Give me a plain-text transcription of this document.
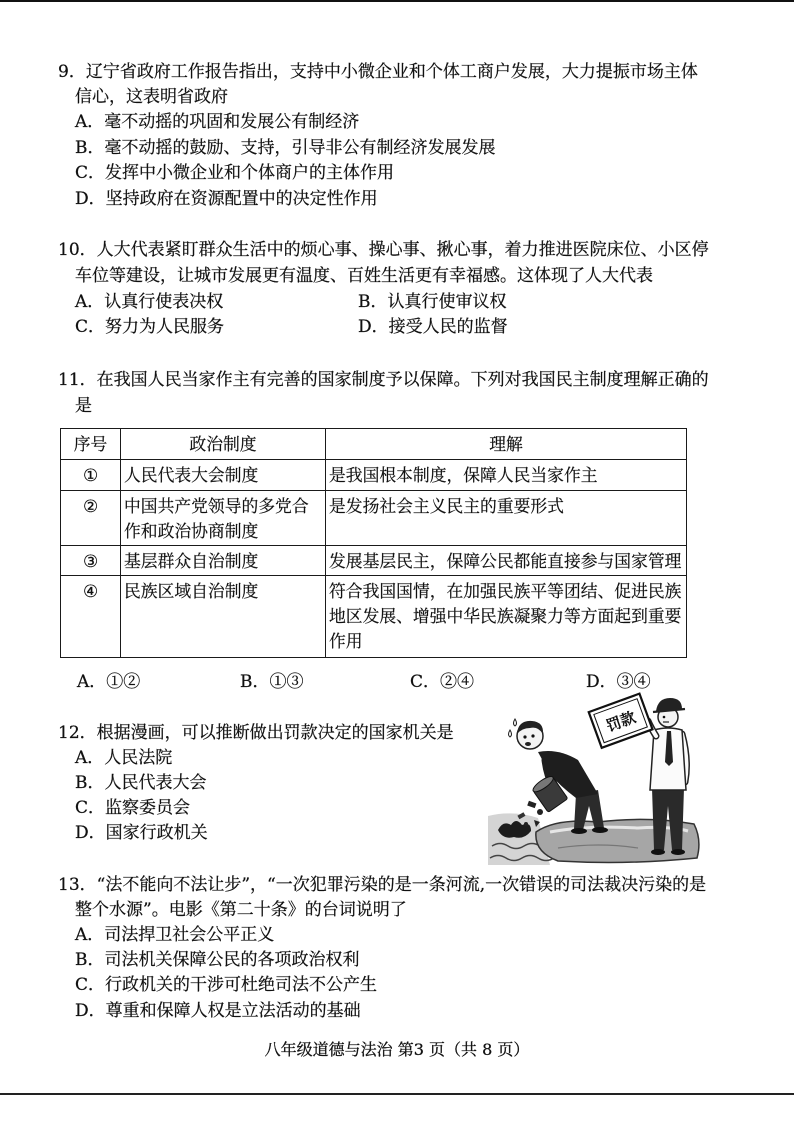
9．辽宁省政府工作报告指出，支持中小微企业和个体工商户发展，大力提振市场主体
信心，这表明省政府
A．毫不动摇的巩固和发展公有制经济
B．毫不动摇的鼓励、支持，引导非公有制经济发展发展
C．发挥中小微企业和个体商户的主体作用
D．坚持政府在资源配置中的决定性作用
10．人大代表紧盯群众生活中的烦心事、操心事、揪心事，着力推进医院床位、小区停
车位等建设，让城市发展更有温度、百姓生活更有幸福感。这体现了人大代表
A．认真行使表决权	B．认真行使审议权
C．努力为人民服务	D．接受人民的监督
11．在我国人民当家作主有完善的国家制度予以保障。下列对我国民主制度理解正确的
是
序号	政治制度	理解
①	人民代表大会制度	是我国根本制度，保障人民当家作主

②	中国共产党领导的多党合
作和政治协商制度	是发扬社会主义民主的重要形式

③	基层群众自治制度	发展基层民主，保障公民都能直接参与国家管理

④	民族区域自治制度	符合我国国情，在加强民族平等团结、促进民族
地区发展、增强中华民族凝聚力等方面起到重要
作用
A．①②	B．①③	C．②④	D．③④
12．根据漫画，可以推断做出罚款决定的国家机关是
A．人民法院
B．人民代表大会
C．监察委员会
D．国家行政机关
罚款
13．“法不能向不法让步”，“一次犯罪污染的是一条河流,一次错误的司法裁决污染的是
整个水源”。电影《第二十条》的台词说明了
A．司法捍卫社会公平正义
B．司法机关保障公民的各项政治权利
C．行政机关的干涉可杜绝司法不公产生
D．尊重和保障人权是立法活动的基础
八年级道德与法治 第3 页（共 8 页）
